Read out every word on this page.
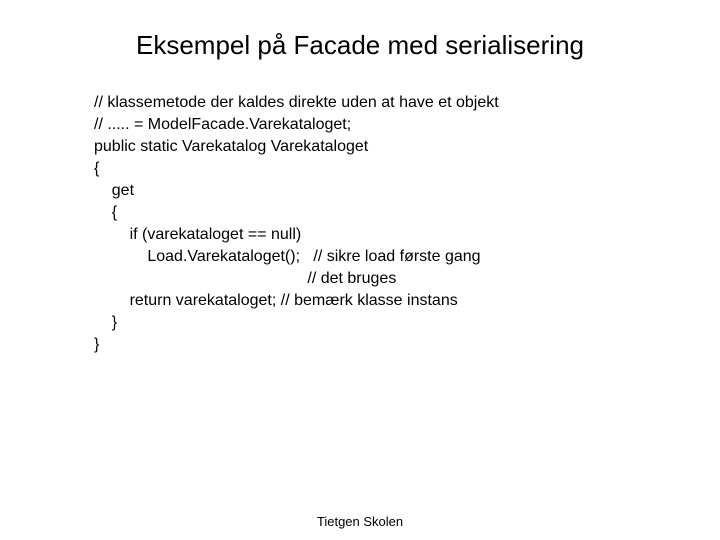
Eksempel på Facade med serialisering
// klassemetode der kaldes direkte uden at have et objekt
// ..... = ModelFacade.Varekataloget;
public static Varekatalog Varekataloget
{
get
{
if (varekataloget == null)
Load.Varekataloget();   // sikre load første gang
// det bruges
return varekataloget; // bemærk klasse instans
}
}
Tietgen Skolen
